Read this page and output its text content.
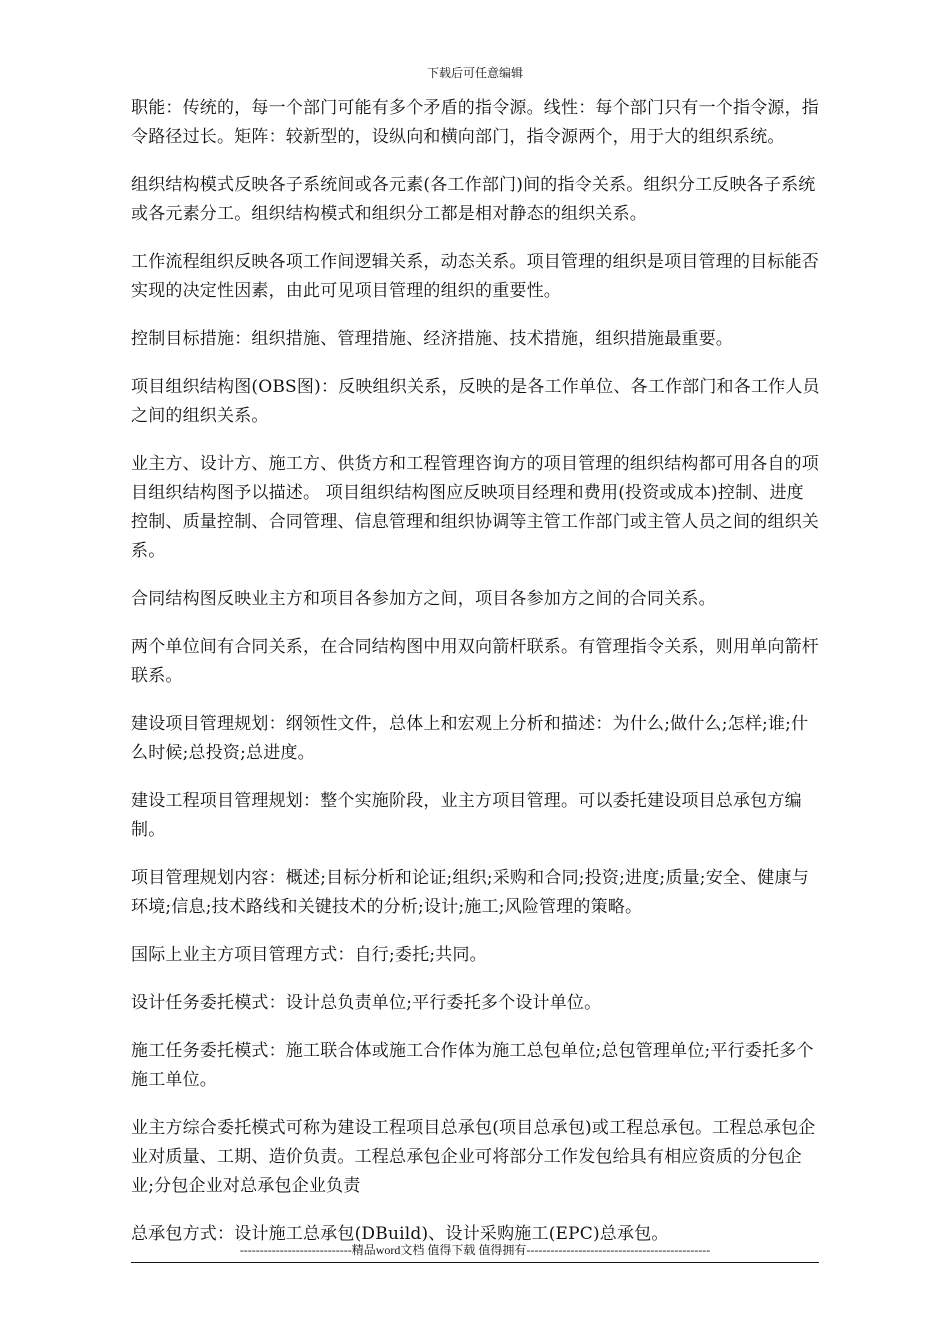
下载后可任意编辑

职能：传统的，每一个部门可能有多个矛盾的指令源。线性：每个部门只有一个指令源，指令路径过长。矩阵：较新型的，设纵向和横向部门，指令源两个，用于大的组织系统。

组织结构模式反映各子系统间或各元素(各工作部门)间的指令关系。组织分工反映各子系统或各元素分工。组织结构模式和组织分工都是相对静态的组织关系。

工作流程组织反映各项工作间逻辑关系，动态关系。项目管理的组织是项目管理的目标能否实现的决定性因素，由此可见项目管理的组织的重要性。

控制目标措施：组织措施、管理措施、经济措施、技术措施，组织措施最重要。

项目组织结构图(OBS图)：反映组织关系，反映的是各工作单位、各工作部门和各工作人员之间的组织关系。

业主方、设计方、施工方、供货方和工程管理咨询方的项目管理的组织结构都可用各自的项目组织结构图予以描述。 项目组织结构图应反映项目经理和费用(投资或成本)控制、进度控制、质量控制、合同管理、信息管理和组织协调等主管工作部门或主管人员之间的组织关系。

合同结构图反映业主方和项目各参加方之间，项目各参加方之间的合同关系。

两个单位间有合同关系，在合同结构图中用双向箭杆联系。有管理指令关系，则用单向箭杆联系。

建设项目管理规划：纲领性文件，总体上和宏观上分析和描述：为什么;做什么;怎样;谁;什么时候;总投资;总进度。

建设工程项目管理规划：整个实施阶段，业主方项目管理。可以委托建设项目总承包方编制。

项目管理规划内容：概述;目标分析和论证;组织;采购和合同;投资;进度;质量;安全、健康与环境;信息;技术路线和关键技术的分析;设计;施工;风险管理的策略。

国际上业主方项目管理方式：自行;委托;共同。

设计任务委托模式：设计总负责单位;平行委托多个设计单位。

施工任务委托模式：施工联合体或施工合作体为施工总包单位;总包管理单位;平行委托多个施工单位。

业主方综合委托模式可称为建设工程项目总承包(项目总承包)或工程总承包。工程总承包企业对质量、工期、造价负责。工程总承包企业可将部分工作发包给具有相应资质的分包企业;分包企业对总承包企业负责

总承包方式：设计施工总承包(DBuild)、设计采购施工(EPC)总承包。

----------------------------精品word文档 值得下载 值得拥有----------------------------------------------
